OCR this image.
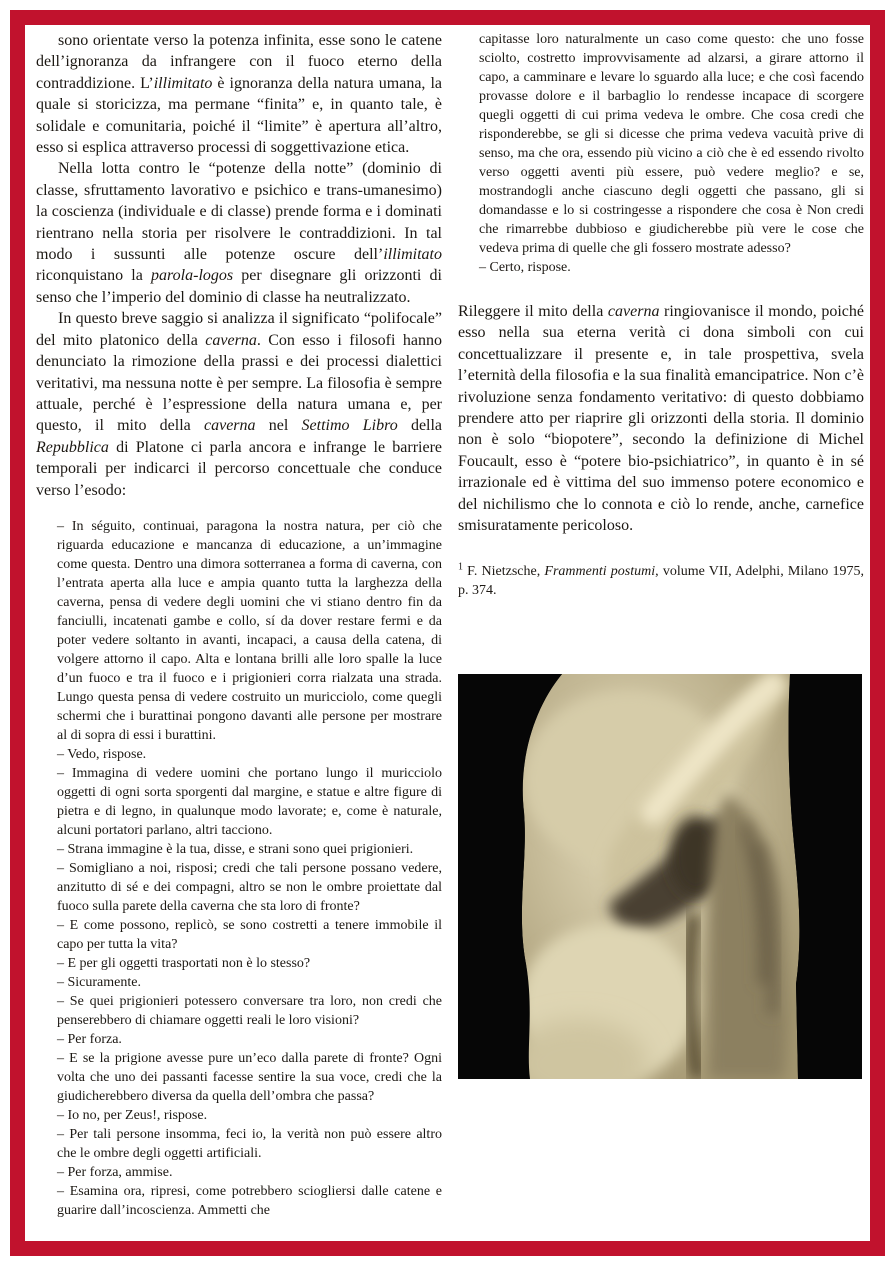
sono orientate verso la potenza infinita, esse sono le catene dell’ignoranza da infrangere con il fuoco eterno della contraddizione. L’illimitato è ignoranza della natura umana, la quale si storicizza, ma permane “finita” e, in quanto tale, è solidale e comunitaria, poiché il “limite” è apertura all’altro, esso si esplica attraverso processi di soggettivazione etica.

Nella lotta contro le “potenze della notte” (dominio di classe, sfruttamento lavorativo e psichico e trans-umanesimo) la coscienza (individuale e di classe) prende forma e i dominati rientrano nella storia per risolvere le contraddizioni. In tal modo i sussunti alle potenze oscure dell’illimitato riconquistano la parola-logos per disegnare gli orizzonti di senso che l’imperio del dominio di classe ha neutralizzato.

In questo breve saggio si analizza il significato “polifocale” del mito platonico della caverna. Con esso i filosofi hanno denunciato la rimozione della prassi e dei processi dialettici veritativi, ma nessuna notte è per sempre. La filosofia è sempre attuale, perché è l’espressione della natura umana e, per questo, il mito della caverna nel Settimo Libro della Repubblica di Platone ci parla ancora e infrange le barriere temporali per indicarci il percorso concettuale che conduce verso l’esodo:

– In séguito, continuai, paragona la nostra natura, per ciò che riguarda educazione e mancanza di educazione, a un’immagine come questa. Dentro una dimora sotterranea a forma di caverna, con l’entrata aperta alla luce e ampia quanto tutta la larghezza della caverna, pensa di vedere degli uomini che vi stiano dentro fin da fanciulli, incatenati gambe e collo, sí da dover restare fermi e da poter vedere soltanto in avanti, incapaci, a causa della catena, di volgere attorno il capo. Alta e lontana brilli alle loro spalle la luce d’un fuoco e tra il fuoco e i prigionieri corra rialzata una strada. Lungo questa pensa di vedere costruito un muricciolo, come quegli schermi che i burattinai pongono davanti alle persone per mostrare al di sopra di essi i burattini.

– Vedo, rispose.

– Immagina di vedere uomini che portano lungo il muricciolo oggetti di ogni sorta sporgenti dal margine, e statue e altre figure di pietra e di legno, in qualunque modo lavorate; e, come è naturale, alcuni portatori parlano, altri tacciono.

– Strana immagine è la tua, disse, e strani sono quei prigionieri.

– Somigliano a noi, risposi; credi che tali persone possano vedere, anzitutto di sé e dei compagni, altro se non le ombre proiettate dal fuoco sulla parete della caverna che sta loro di fronte?

– E come possono, replicò, se sono costretti a tenere immobile il capo per tutta la vita?

– E per gli oggetti trasportati non è lo stesso?

– Sicuramente.

– Se quei prigionieri potessero conversare tra loro, non credi che penserebbero di chiamare oggetti reali le loro visioni?

– Per forza.

– E se la prigione avesse pure un’eco dalla parete di fronte? Ogni volta che uno dei passanti facesse sentire la sua voce, credi che la giudicherebbero diversa da quella dell’ombra che passa?

– Io no, per Zeus!, rispose.

– Per tali persone insomma, feci io, la verità non può essere altro che le ombre degli oggetti artificiali.

– Per forza, ammise.

– Esamina ora, ripresi, come potrebbero sciogliersi dalle catene e guarire dall’incoscienza. Ammetti che

capitasse loro naturalmente un caso come questo: che uno fosse sciolto, costretto improvvisamente ad alzarsi, a girare attorno il capo, a camminare e levare lo sguardo alla luce; e che così facendo provasse dolore e il barbaglio lo rendesse incapace di scorgere quegli oggetti di cui prima vedeva le ombre. Che cosa credi che risponderebbe, se gli si dicesse che prima vedeva vacuità prive di senso, ma che ora, essendo più vicino a ciò che è ed essendo rivolto verso oggetti aventi più essere, può vedere meglio? e se, mostrandogli anche ciascuno degli oggetti che passano, gli si domandasse e lo si costringesse a rispondere che cosa è Non credi che rimarrebbe dubbioso e giudicherebbe più vere le cose che vedeva prima di quelle che gli fossero mostrate adesso?

– Certo, rispose.

Rileggere il mito della caverna ringiovanisce il mondo, poiché esso nella sua eterna verità ci dona simboli con cui concettualizzare il presente e, in tale prospettiva, svela l’eternità della filosofia e la sua finalità emancipatrice. Non c’è rivoluzione senza fondamento veritativo: di questo dobbiamo prendere atto per riaprire gli orizzonti della storia. Il dominio non è solo “biopotere”, secondo la definizione di Michel Foucault, esso è “potere bio-psichiatrico”, in quanto è in sé irrazionale ed è vittima del suo immenso potere economico e del nichilismo che lo connota e ciò lo rende, anche, carnefice smisuratamente pericoloso.

$^1$ F. Nietzsche, Frammenti postumi, volume VII, Adelphi, Milano 1975, p. 374.
